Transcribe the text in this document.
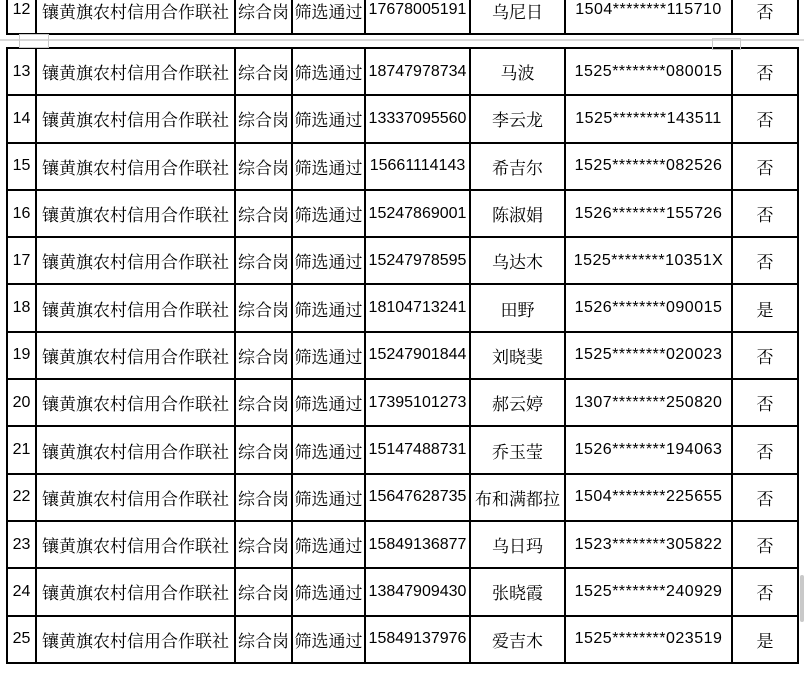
12	镶黄旗农村信用合作联社	综合岗	筛选通过	17678005191	乌尼日	1504********115710	否
13	镶黄旗农村信用合作联社	综合岗	筛选通过	18747978734	马波	1525********080015	否
14	镶黄旗农村信用合作联社	综合岗	筛选通过	13337095560	李云龙	1525********143511	否
15	镶黄旗农村信用合作联社	综合岗	筛选通过	15661114143	希吉尔	1525********082526	否
16	镶黄旗农村信用合作联社	综合岗	筛选通过	15247869001	陈淑娟	1526********155726	否
17	镶黄旗农村信用合作联社	综合岗	筛选通过	15247978595	乌达木	1525********10351X	否
18	镶黄旗农村信用合作联社	综合岗	筛选通过	18104713241	田野	1526********090015	是
19	镶黄旗农村信用合作联社	综合岗	筛选通过	15247901844	刘晓斐	1525********020023	否
20	镶黄旗农村信用合作联社	综合岗	筛选通过	17395101273	郝云婷	1307********250820	否
21	镶黄旗农村信用合作联社	综合岗	筛选通过	15147488731	乔玉莹	1526********194063	否
22	镶黄旗农村信用合作联社	综合岗	筛选通过	15647628735	布和满都拉	1504********225655	否
23	镶黄旗农村信用合作联社	综合岗	筛选通过	15849136877	乌日玛	1523********305822	否
24	镶黄旗农村信用合作联社	综合岗	筛选通过	13847909430	张晓霞	1525********240929	否
25	镶黄旗农村信用合作联社	综合岗	筛选通过	15849137976	爱吉木	1525********023519	是
